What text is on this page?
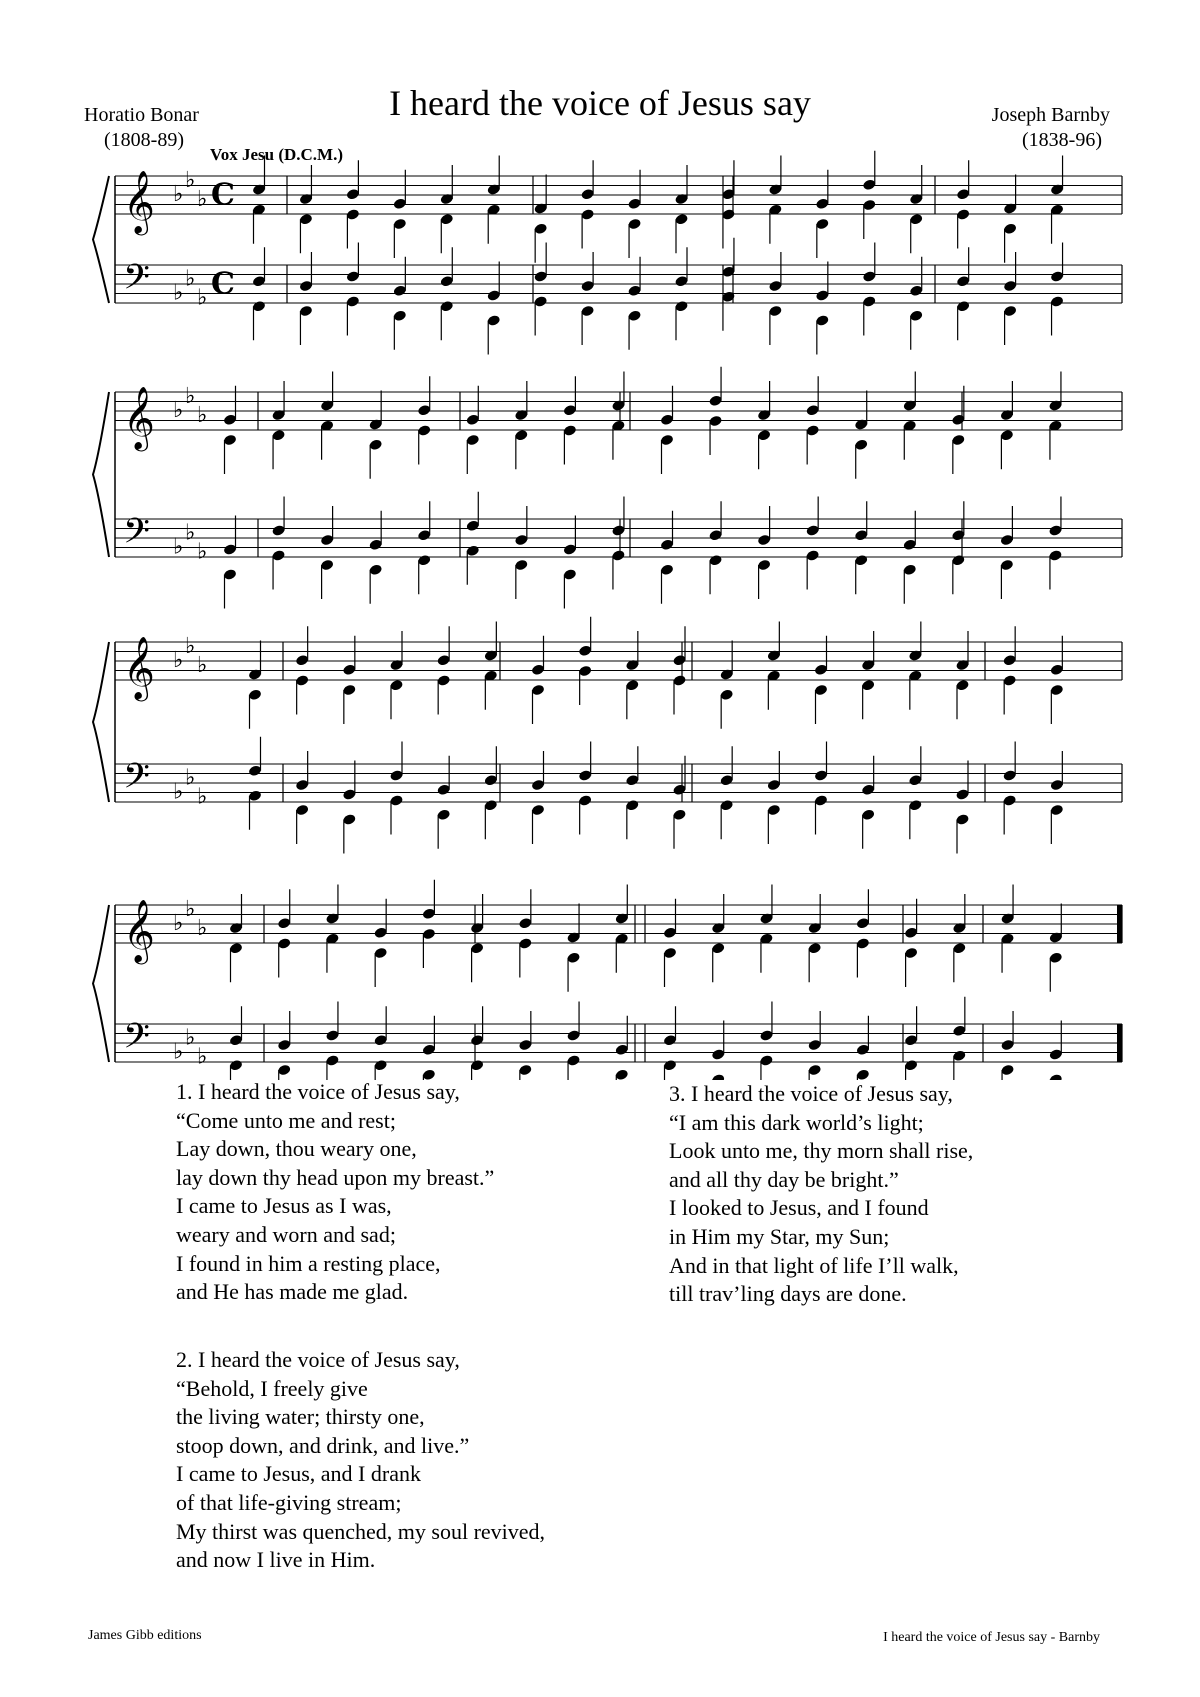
I heard the voice of Jesus say
Horatio Bonar
(1808-89)
Joseph Barnby
(1838-96)
Vox Jesu (D.C.M.)
𝄞 ♭
♭
♭ C
𝄢 ♭
♭
♭ C
𝄞 ♭
♭
♭
𝄢 ♭
♭
♭
𝄞 ♭
♭
♭
𝄢 ♭
♭
♭
𝄞 ♭
♭
♭
𝄢 ♭
♭
♭
1. I heard the voice of Jesus say,
“Come unto me and rest;
Lay down, thou weary one,
lay down thy head upon my breast.”
I came to Jesus as I was,
weary and worn and sad;
I found in him a resting place,
and He has made me glad.
2. I heard the voice of Jesus say,
“Behold, I freely give
the living water; thirsty one,
stoop down, and drink, and live.”
I came to Jesus, and I drank
of that life-giving stream;
My thirst was quenched, my soul revived,
and now I live in Him.
3. I heard the voice of Jesus say,
“I am this dark world’s light;
Look unto me, thy morn shall rise,
and all thy day be bright.”
I looked to Jesus, and I found
in Him my Star, my Sun;
And in that light of life I’ll walk,
till trav’ling days are done.
James Gibb editions	I heard the voice of Jesus say - Barnby
